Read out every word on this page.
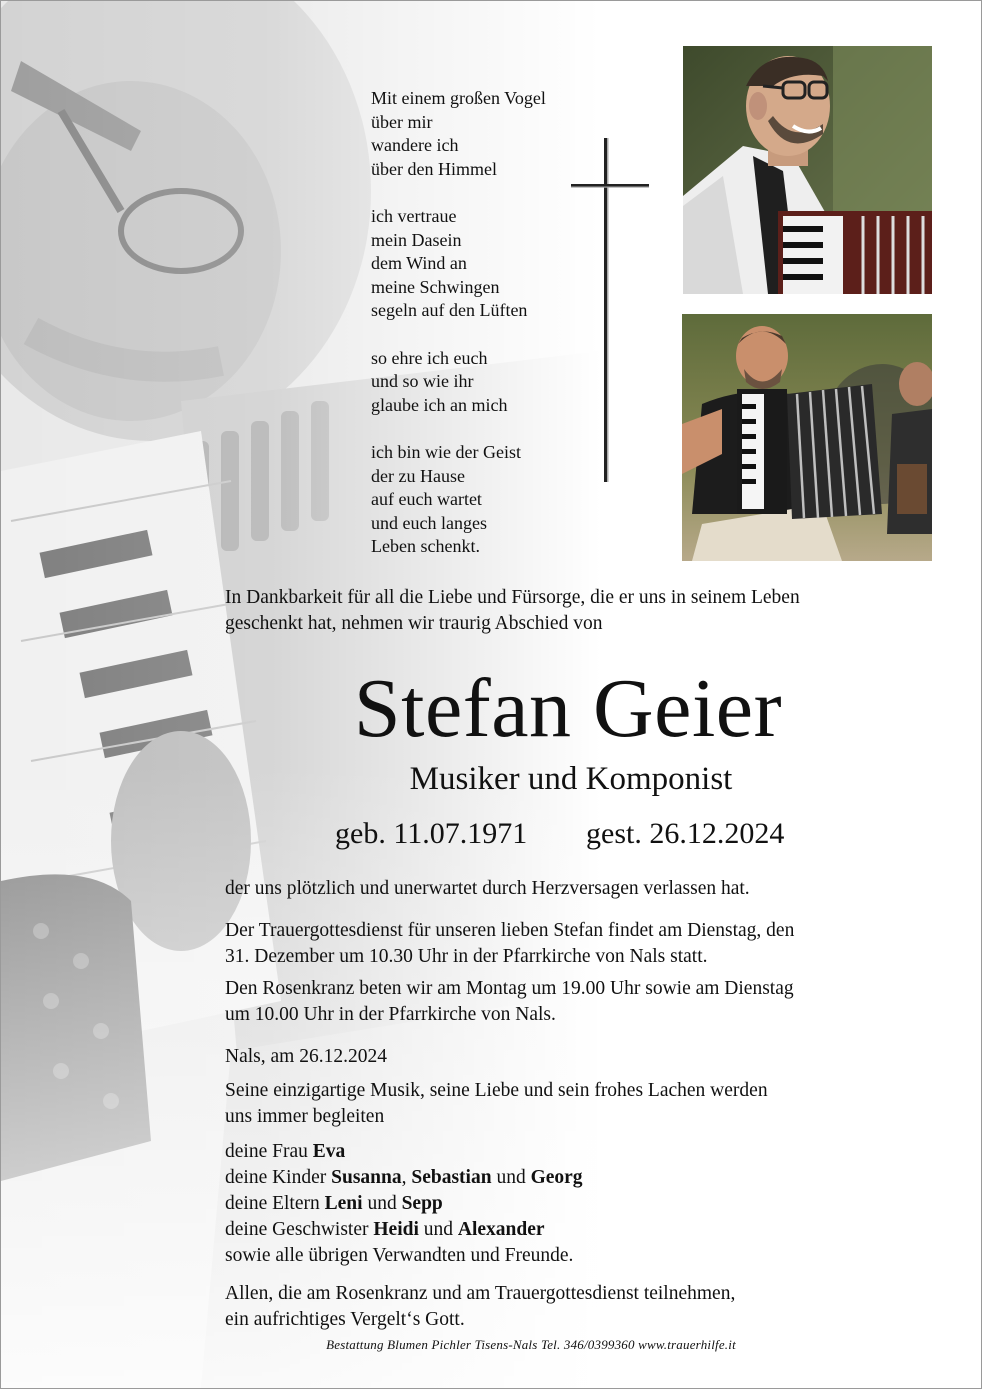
Mit einem großen Vogel
über mir
wandere ich
über den Himmel
ich vertraue
mein Dasein
dem Wind an
meine Schwingen
segeln auf den Lüften
so ehre ich euch
und so wie ihr
glaube ich an mich
ich bin wie der Geist
der zu Hause
auf euch wartet
und euch langes
Leben schenkt.
In Dankbarkeit für all die Liebe und Fürsorge, die er uns in seinem Leben
geschenkt hat, nehmen wir traurig Abschied von
Stefan Geier
Musiker und Komponist
geb. 11.07.1971 gest. 26.12.2024
der uns plötzlich und unerwartet durch Herzversagen verlassen hat.
Der Trauergottesdienst für unseren lieben Stefan findet am Dienstag, den
31. Dezember um 10.30 Uhr in der Pfarrkirche von Nals statt.
Den Rosenkranz beten wir am Montag um 19.00 Uhr sowie am Dienstag
um 10.00 Uhr in der Pfarrkirche von Nals.
Nals, am 26.12.2024
Seine einzigartige Musik, seine Liebe und sein frohes Lachen werden
uns immer begleiten
deine Frau Eva
deine Kinder Susanna, Sebastian und Georg
deine Eltern Leni und Sepp
deine Geschwister Heidi und Alexander
sowie alle übrigen Verwandten und Freunde.
Allen, die am Rosenkranz und am Trauergottesdienst teilnehmen,
ein aufrichtiges Vergelt‘s Gott.
Bestattung Blumen Pichler Tisens-Nals Tel. 346/0399360 www.trauerhilfe.it
